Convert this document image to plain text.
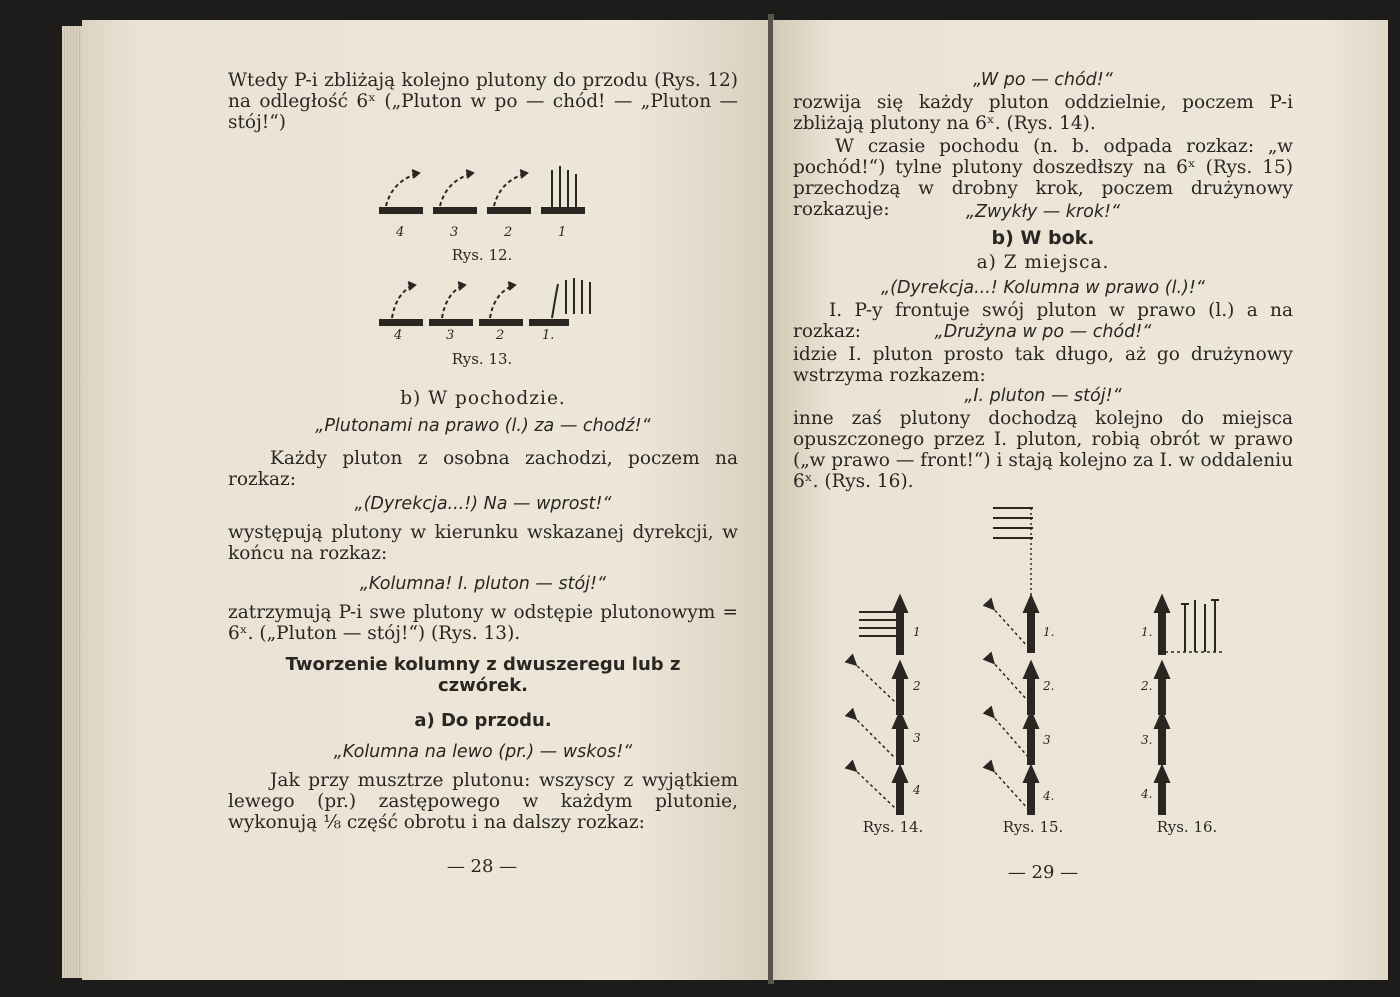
Wtedy P-i zbliżają kolejno plutony do przodu (Rys. 12) na odległość 6ˣ („Pluton w po — chód! — „Pluton — stój!“)
4	3	2	1
Rys. 12.
4	3	2	1.
Rys. 13.
b) W pochodzie.
„Plutonami na prawo (l.) za — chodź!“
Każdy pluton z osobna zachodzi, poczem na rozkaz:
„(Dyrekcja...!) Na — wprost!“
występują plutony w kierunku wskazanej dyrekcji, w końcu na rozkaz:
„Kolumna! I. pluton — stój!“
zatrzymują P-i swe plutony w odstępie plutonowym = 6ˣ. („Pluton — stój!“) (Rys. 13).
Tworzenie kolumny z dwuszeregu lub z czwórek.
a) Do przodu.
„Kolumna na lewo (pr.) — wskos!“
Jak przy musztrze plutonu: wszyscy z wyjątkiem lewego (pr.) zastępowego w każdym plutonie, wykonują ⅛ część obrotu i na dalszy rozkaz:
— 28 —
„W po — chód!“
rozwija się każdy pluton oddzielnie, poczem P-i zbliżają plutony na 6ˣ. (Rys. 14).
W czasie pochodu (n. b. odpada rozkaz: „w pochód!“) tylne plutony doszedłszy na 6ˣ (Rys. 15) przechodzą w drobny krok, poczem drużynowy rozkazuje:	„Zwykły — krok!“
b) W bok.
a) Z miejsca.
„(Dyrekcja...! Kolumna w prawo (l.)!“
I. P-y frontuje swój pluton w prawo (l.) a na rozkaz:	„Drużyna w po — chód!“
idzie I. pluton prosto tak długo, aż go drużynowy wstrzyma rozkazem:
„I. pluton — stój!“
inne zaś plutony dochodzą kolejno do miejsca opuszczonego przez I. pluton, robią obrót w prawo („w prawo — front!“) i stają kolejno za I. w oddaleniu 6ˣ. (Rys. 16).
1
2
3
4
1.
2.
3
4.
1.
2.
3.
4.
Rys. 14.	Rys. 15.	Rys. 16.
— 29 —
